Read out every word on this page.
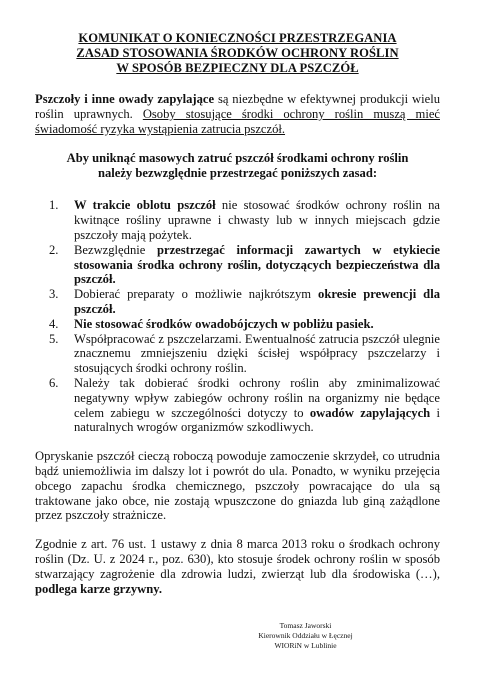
KOMUNIKAT O KONIECZNOŚCI PRZESTRZEGANIA
ZASAD STOSOWANIA ŚRODKÓW OCHRONY ROŚLIN
W SPOSÓB BEZPIECZNY DLA PSZCZÓŁ

Pszczoły i inne owady zapylające są niezbędne w efektywnej produkcji wielu roślin uprawnych. Osoby stosujące środki ochrony roślin muszą mieć świadomość ryzyka wystąpienia zatrucia pszczół.

Aby uniknąć masowych zatruć pszczół środkami ochrony roślin
należy bezwzględnie przestrzegać poniższych zasad:
1.	W trakcie oblotu pszczół nie stosować środków ochrony roślin na kwitnące rośliny uprawne i chwasty lub w innych miejscach gdzie pszczoły mają pożytek.
2.	Bezwzględnie przestrzegać informacji zawartych w etykiecie stosowania środka ochrony roślin, dotyczących bezpieczeństwa dla pszczół.
3.	Dobierać preparaty o możliwie najkrótszym okresie prewencji dla pszczół.
4.	Nie stosować środków owadobójczych w pobliżu pasiek.
5.	Współpracować z pszczelarzami. Ewentualność zatrucia pszczół ulegnie znacznemu zmniejszeniu dzięki ścisłej współpracy pszczelarzy i stosujących środki ochrony roślin.
6.	Należy tak dobierać środki ochrony roślin aby zminimalizować negatywny wpływ zabiegów ochrony roślin na organizmy nie będące celem zabiegu w szczególności dotyczy to owadów zapylających i naturalnych wrogów organizmów szkodliwych.

Opryskanie pszczół cieczą roboczą powoduje zamoczenie skrzydeł, co utrudnia bądź uniemożliwia im dalszy lot i powrót do ula. Ponadto, w wyniku przejęcia obcego zapachu środka chemicznego, pszczoły powracające do ula są traktowane jako obce, nie zostają wpuszczone do gniazda lub giną zażądlone przez pszczoły strażnicze.

Zgodnie z art. 76 ust. 1 ustawy z dnia 8 marca 2013 roku o środkach ochrony roślin (Dz. U. z 2024 r., poz. 630), kto stosuje środek ochrony roślin w sposób stwarzający zagrożenie dla zdrowia ludzi, zwierząt lub dla środowiska (…), podlega karze grzywny.

Tomasz Jaworski
Kierownik Oddziału w Łęcznej
WIORiN w Lublinie
